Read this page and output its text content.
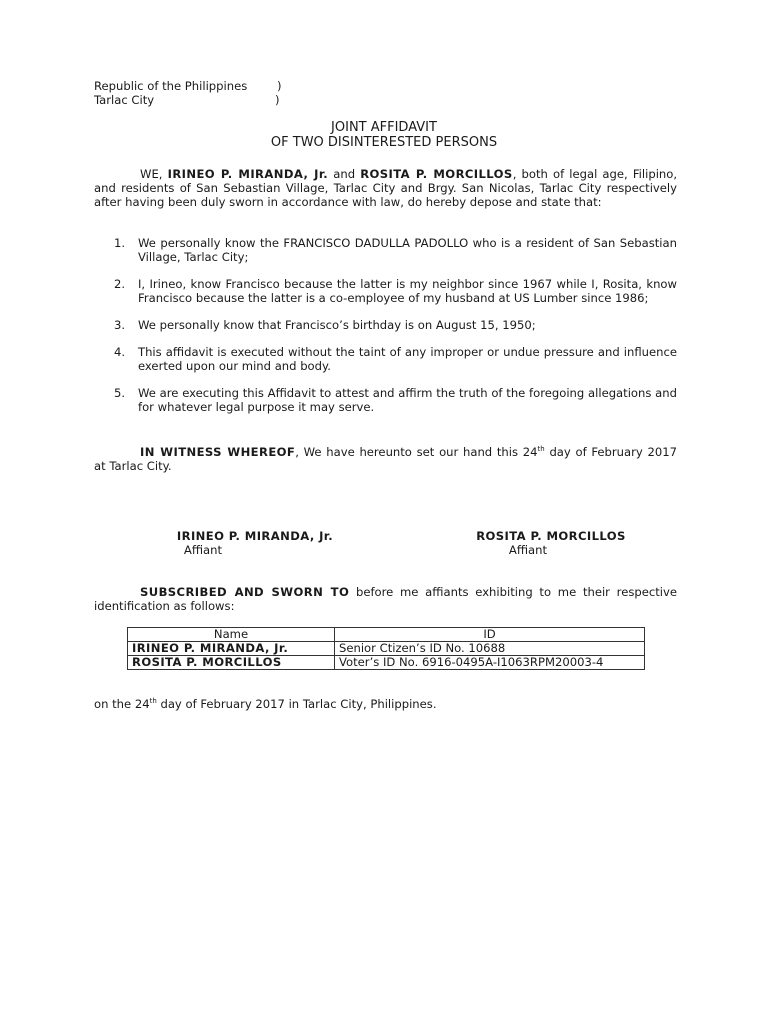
Republic of the Philippines	)
Tarlac City	)
JOINT AFFIDAVIT
OF TWO DISINTERESTED PERSONS
WE, IRINEO P. MIRANDA, Jr. and ROSITA P. MORCILLOS, both of legal age, Filipino, and residents of San Sebastian Village, Tarlac City and Brgy. San Nicolas, Tarlac City respectively after having been duly sworn in accordance with law, do hereby depose and state that:
1. We personally know the FRANCISCO DADULLA PADOLLO who is a resident of San Sebastian Village, Tarlac City;
2. I, Irineo, know Francisco because the latter is my neighbor since 1967 while I, Rosita, know Francisco because the latter is a co-employee of my husband at US Lumber since 1986;
3. We personally know that Francisco’s birthday is on August 15, 1950;
4. This affidavit is executed without the taint of any improper or undue pressure and influence exerted upon our mind and body.
5. We are executing this Affidavit to attest and affirm the truth of the foregoing allegations and for whatever legal purpose it may serve.
IN WITNESS WHEREOF, We have hereunto set our hand this 24th day of February 2017 at Tarlac City.
IRINEO P. MIRANDA, Jr.
Affiant
ROSITA P. MORCILLOS
Affiant
SUBSCRIBED AND SWORN TO before me affiants exhibiting to me their respective identification as follows:
Name	ID
IRINEO P. MIRANDA, Jr.	Senior Ctizen’s ID No. 10688
ROSITA P. MORCILLOS	Voter’s ID No. 6916-0495A-I1063RPM20003-4
on the 24th day of February 2017 in Tarlac City, Philippines.
